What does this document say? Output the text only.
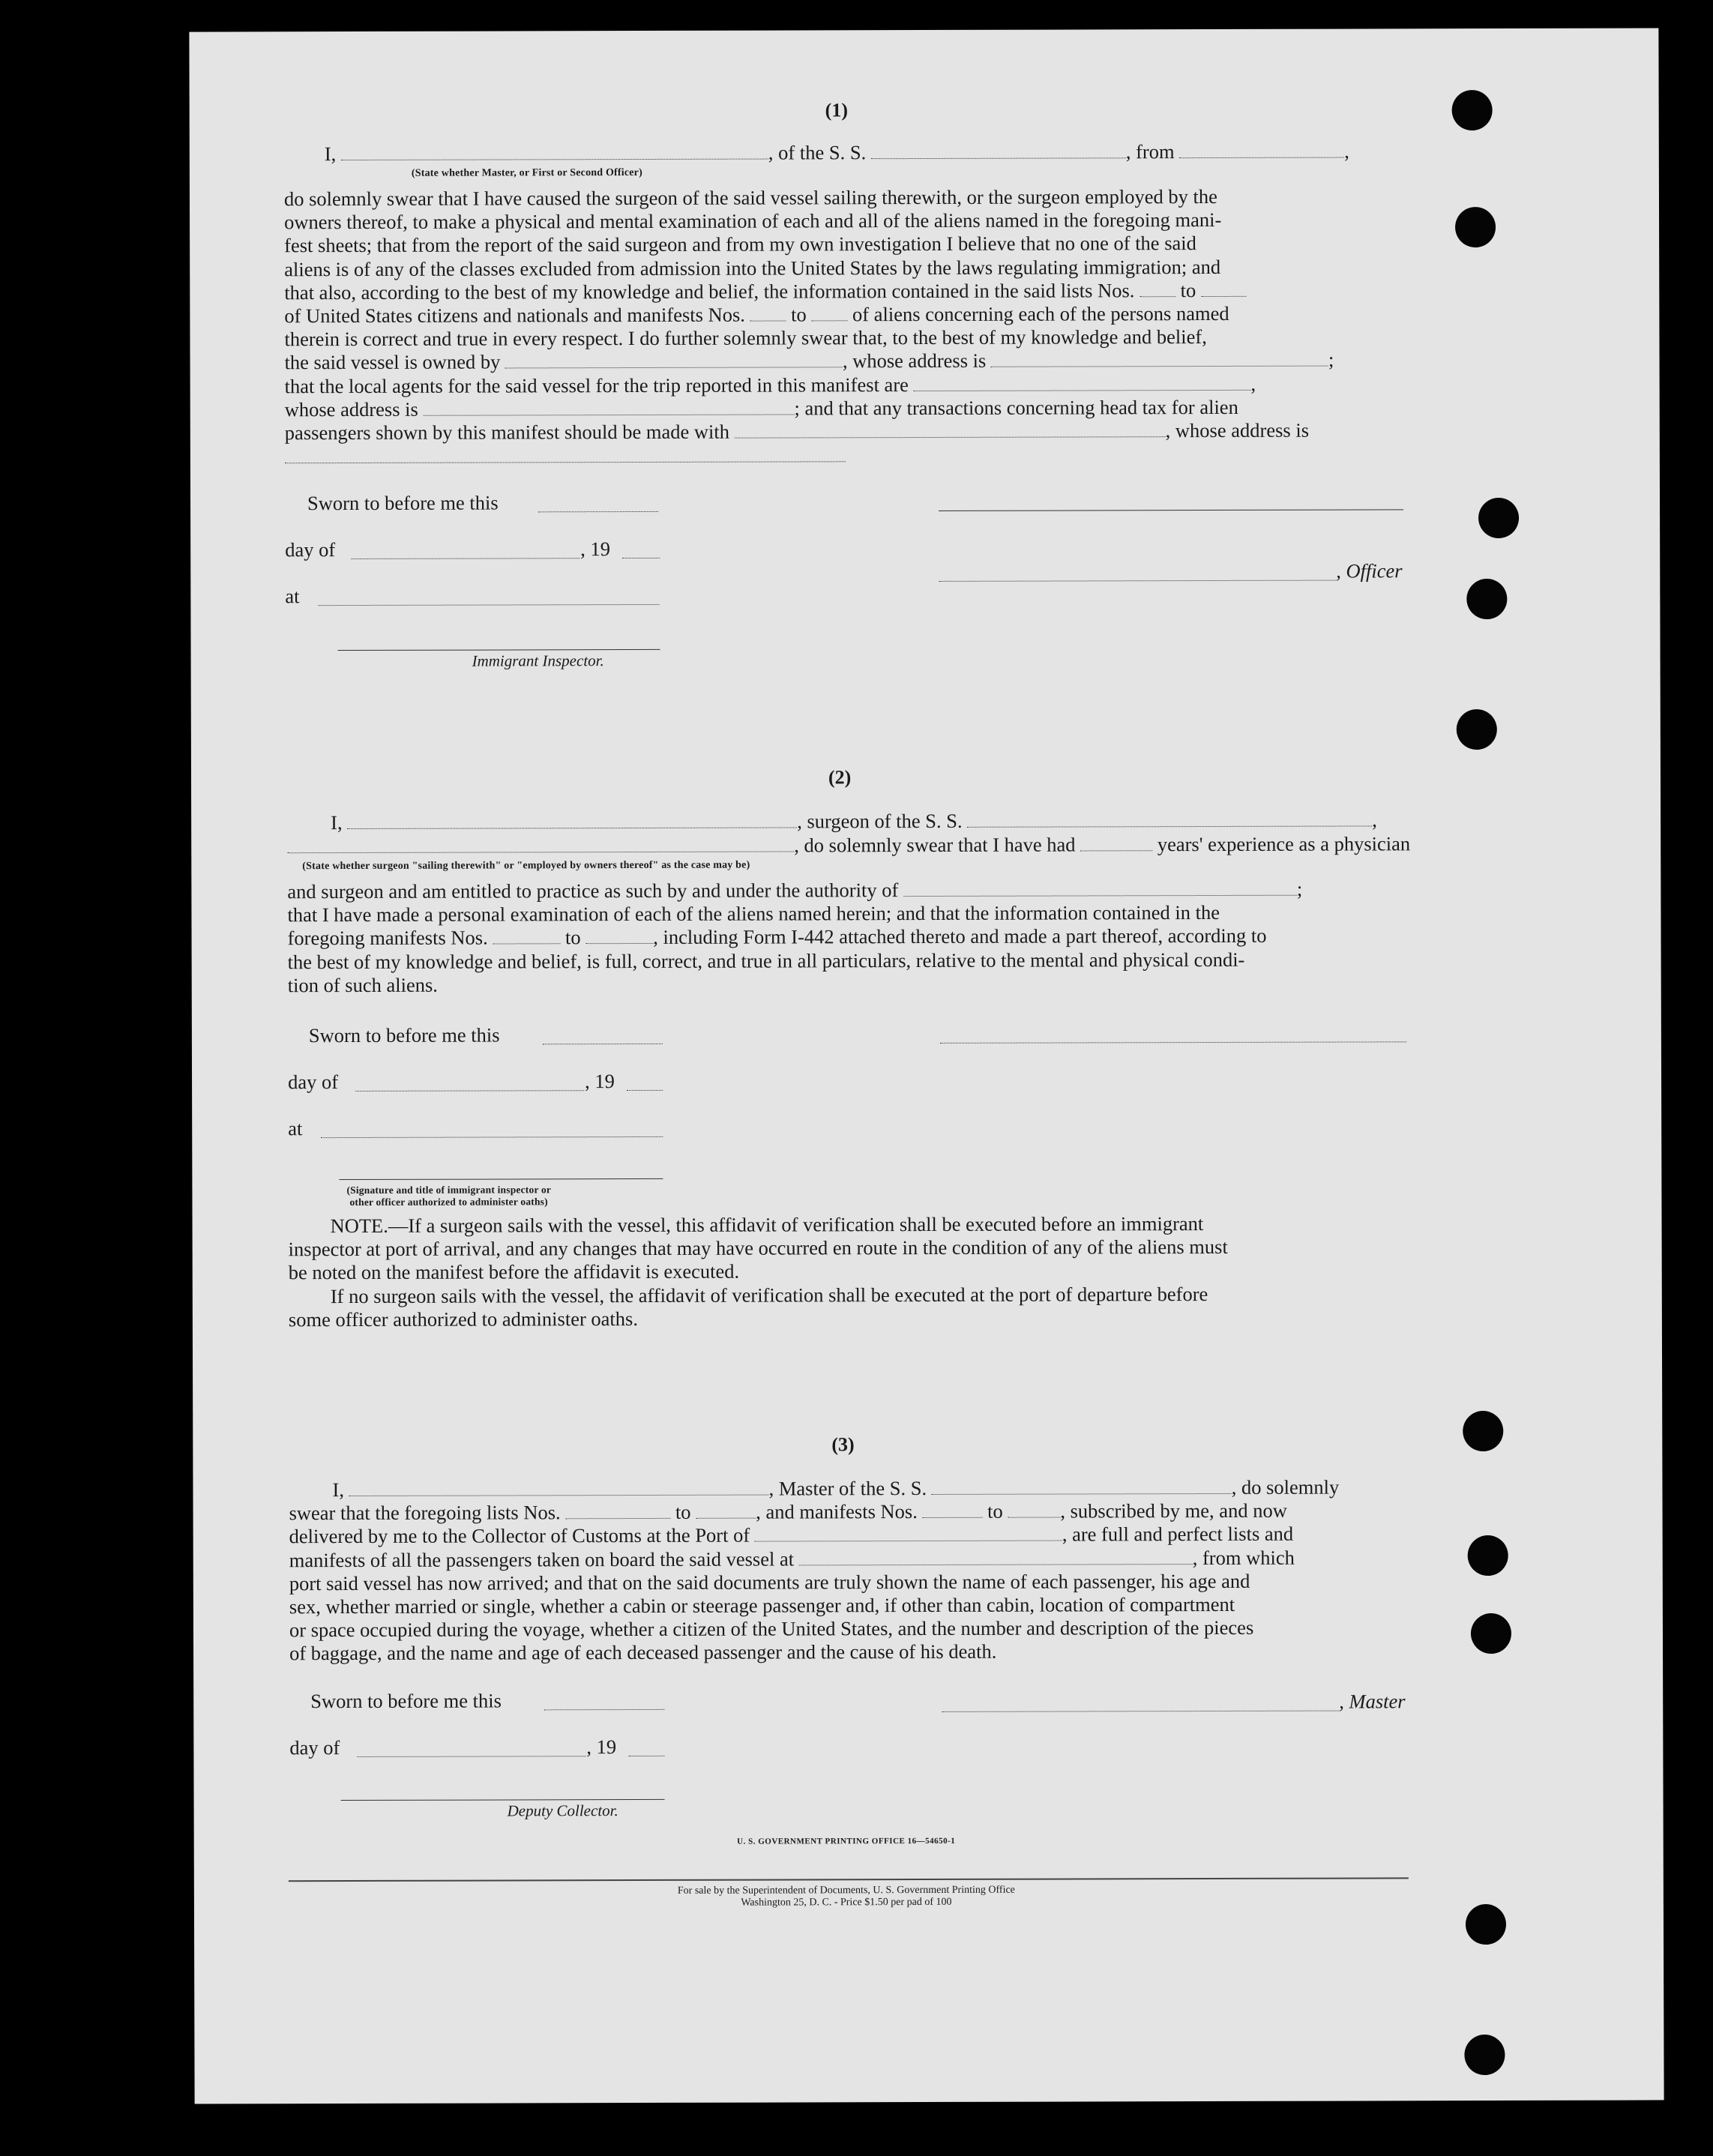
(1)
I,	, of the S. S.	, from	,
(State whether Master, or First or Second Officer)
do solemnly swear that I have caused the surgeon of the said vessel sailing therewith, or the surgeon employed by the
owners thereof, to make a physical and mental examination of each and all of the aliens named in the foregoing mani-
fest sheets; that from the report of the said surgeon and from my own investigation I believe that no one of the said
aliens is of any of the classes excluded from admission into the United States by the laws regulating immigration; and
that also, according to the best of my knowledge and belief, the information contained in the said lists Nos. to
of United States citizens and nationals and manifests Nos. to of aliens concerning each of the persons named
therein is correct and true in every respect. I do further solemnly swear that, to the best of my knowledge and belief,
the said vessel is owned by	, whose address is	;
that the local agents for the said vessel for the trip reported in this manifest are	,
whose address is	; and that any transactions concerning head tax for alien
passengers shown by this manifest should be made with	, whose address is
Sworn to before me this
day of	, 19
, Officer
at
Immigrant Inspector.
(2)
I,	, surgeon of the S. S.	,
, do solemnly swear that I have had	years' experience as a physician
(State whether surgeon "sailing therewith" or "employed by owners thereof" as the case may be)
and surgeon and am entitled to practice as such by and under the authority of	;
that I have made a personal examination of each of the aliens named herein; and that the information contained in the
foregoing manifests Nos.	to	, including Form I-442 attached thereto and made a part thereof, according to
the best of my knowledge and belief, is full, correct, and true in all particulars, relative to the mental and physical condi-
tion of such aliens.
Sworn to before me this
day of	, 19
at
(Signature and title of immigrant inspector or
other officer authorized to administer oaths)
NOTE.—If a surgeon sails with the vessel, this affidavit of verification shall be executed before an immigrant
inspector at port of arrival, and any changes that may have occurred en route in the condition of any of the aliens must
be noted on the manifest before the affidavit is executed.
If no surgeon sails with the vessel, the affidavit of verification shall be executed at the port of departure before
some officer authorized to administer oaths.
(3)
I,	, Master of the S. S.	, do solemnly
swear that the foregoing lists Nos.	to	, and manifests Nos.	to	, subscribed by me, and now
delivered by me to the Collector of Customs at the Port of	, are full and perfect lists and
manifests of all the passengers taken on board the said vessel at	, from which
port said vessel has now arrived; and that on the said documents are truly shown the name of each passenger, his age and
sex, whether married or single, whether a cabin or steerage passenger and, if other than cabin, location of compartment
or space occupied during the voyage, whether a citizen of the United States, and the number and description of the pieces
of baggage, and the name and age of each deceased passenger and the cause of his death.
Sworn to before me this	, Master
day of	, 19
Deputy Collector.
U. S. GOVERNMENT PRINTING OFFICE 16—54650-1
For sale by the Superintendent of Documents, U. S. Government Printing Office
Washington 25, D. C. - Price $1.50 per pad of 100
